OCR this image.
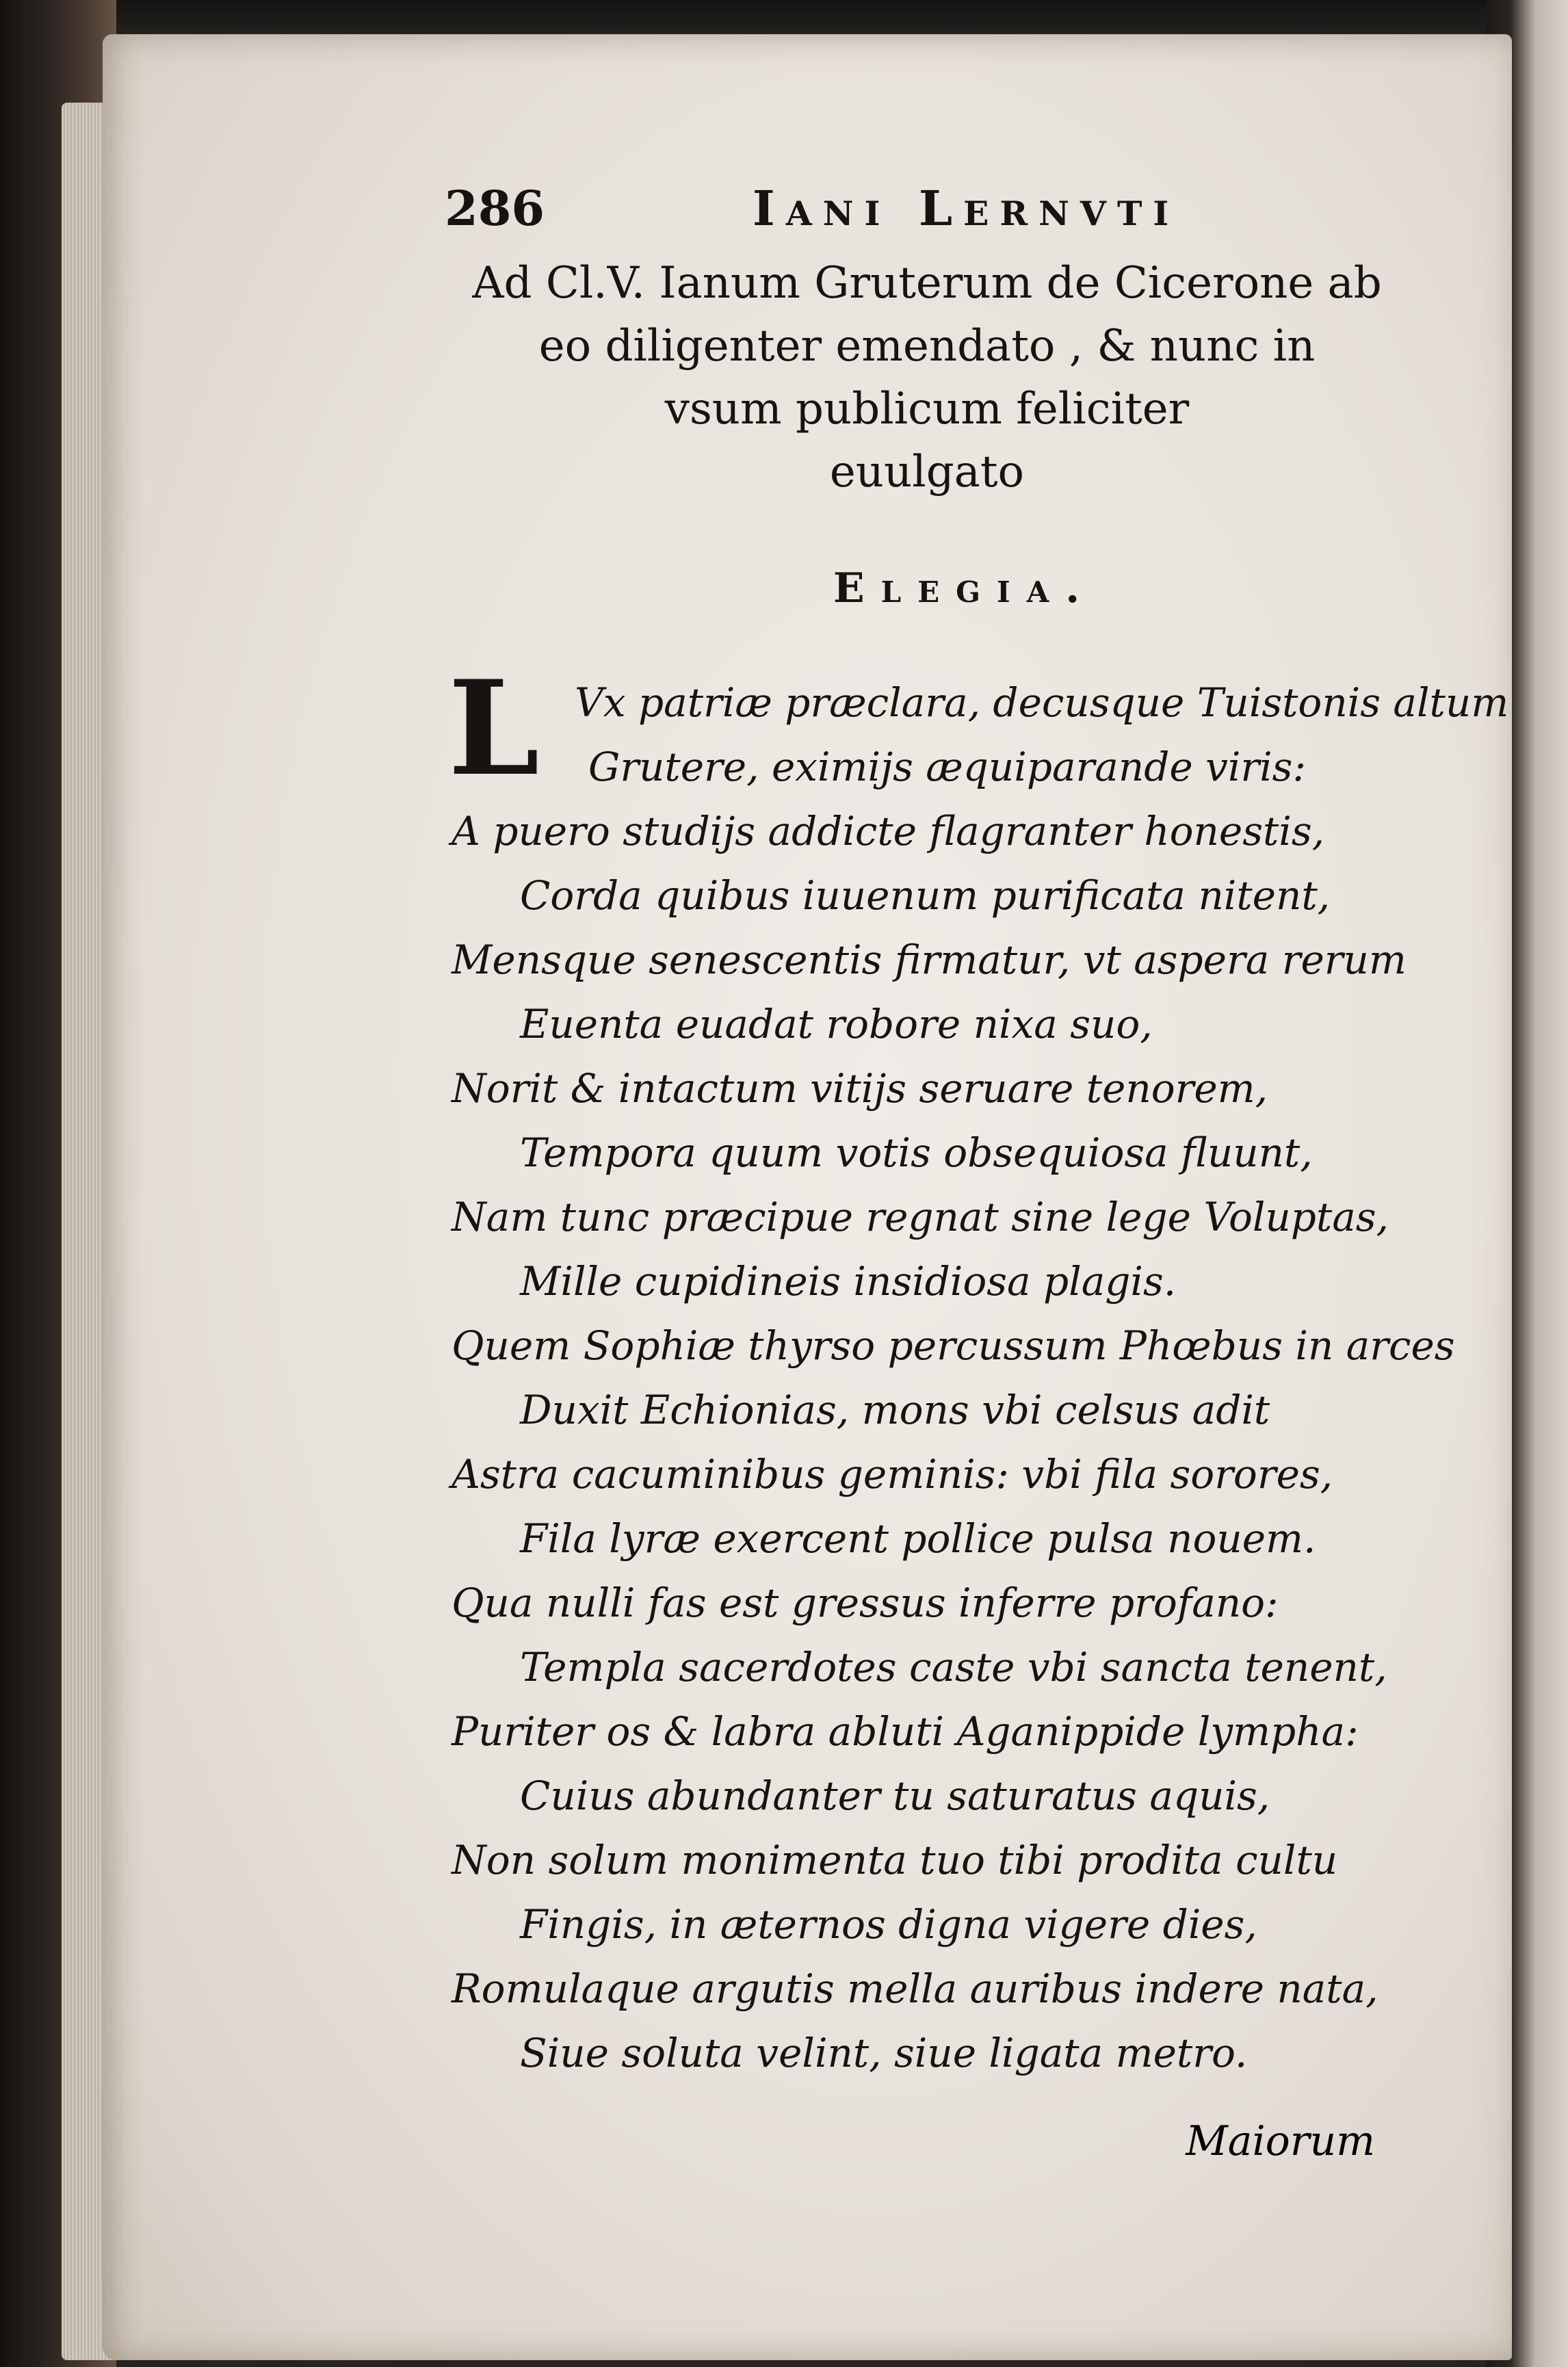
286	Iani Lernvti
Ad Cl.V. Ianum Gruterum de Cicerone ab
eo diligenter emendato , & nunc in
vsum publicum feliciter
euulgato
Elegia.
L Vx patriæ præclara, decusque Tuistonis altum
Grutere, eximijs æquiparande viris:
A puero studijs addicte flagranter honestis,
Corda quibus iuuenum purificata nitent,
Mensque senescentis firmatur, vt aspera rerum
Euenta euadat robore nixa suo,
Norit & intactum vitijs seruare tenorem,
Tempora quum votis obsequiosa fluunt,
Nam tunc præcipue regnat sine lege Voluptas,
Mille cupidineis insidiosa plagis.
Quem Sophiæ thyrso percussum Phœbus in arces
Duxit Echionias, mons vbi celsus adit
Astra cacuminibus geminis: vbi fila sorores,
Fila lyræ exercent pollice pulsa nouem.
Qua nulli fas est gressus inferre profano:
Templa sacerdotes caste vbi sancta tenent,
Puriter os & labra abluti Aganippide lympha:
Cuius abundanter tu saturatus aquis,
Non solum monimenta tuo tibi prodita cultu
Fingis, in æternos digna vigere dies,
Romulaque argutis mella auribus indere nata,
Siue soluta velint, siue ligata metro.
Maiorum
